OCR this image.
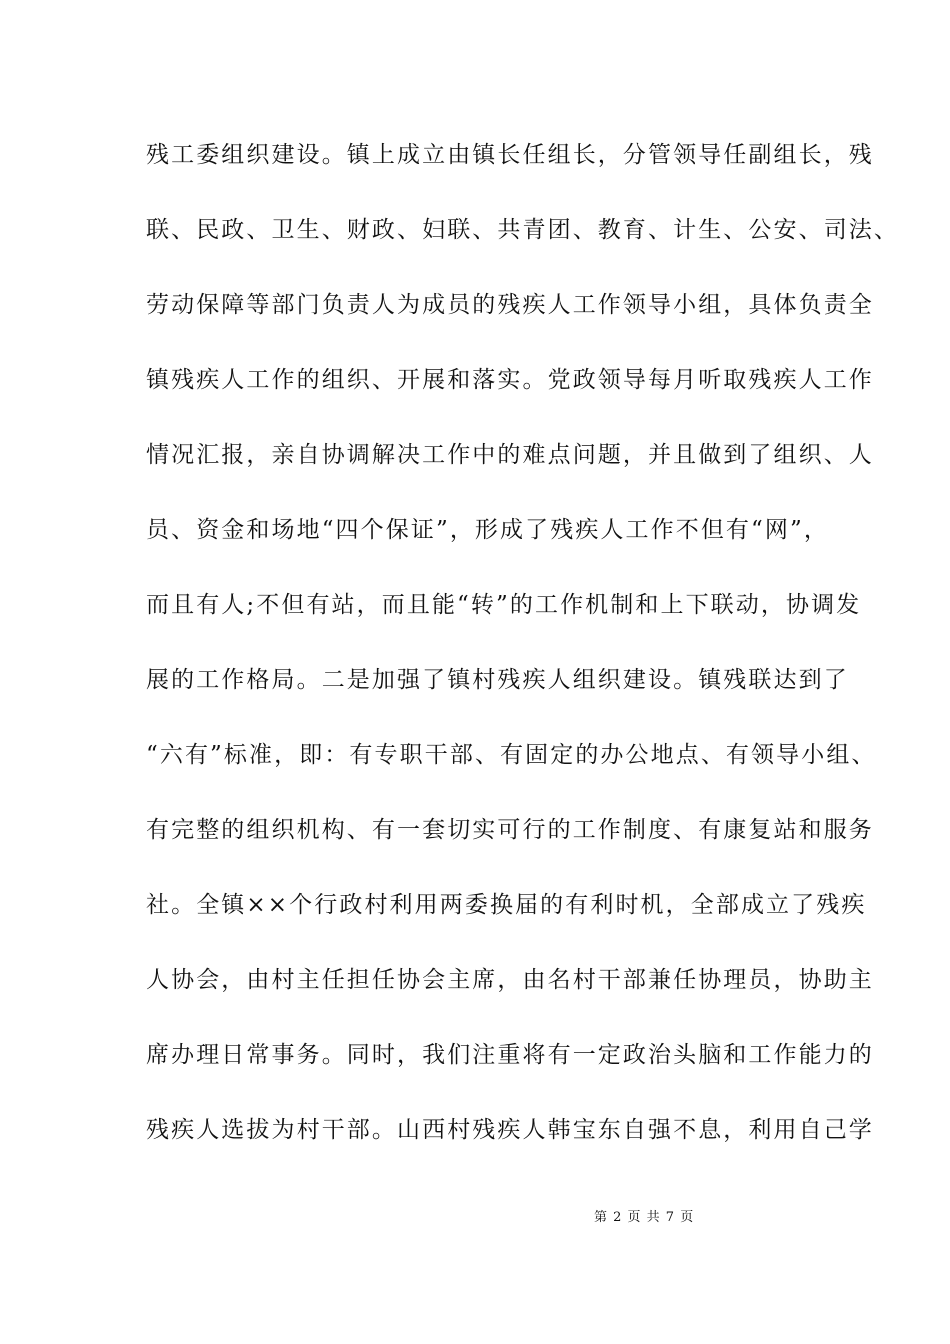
残工委组织建设。镇上成立由镇长任组长，分管领导任副组长，残
联、民政、卫生、财政、妇联、共青团、教育、计生、公安、司法、
劳动保障等部门负责人为成员的残疾人工作领导小组，具体负责全
镇残疾人工作的组织、开展和落实。党政领导每月听取残疾人工作
情况汇报，亲自协调解决工作中的难点问题，并且做到了组织、人
员、资金和场地“四个保证”，形成了残疾人工作不但有“网”，
而且有人;不但有站，而且能“转”的工作机制和上下联动，协调发
展的工作格局。二是加强了镇村残疾人组织建设。镇残联达到了
“六有”标准，即：有专职干部、有固定的办公地点、有领导小组、
有完整的组织机构、有一套切实可行的工作制度、有康复站和服务
社。全镇××个行政村利用两委换届的有利时机，全部成立了残疾
人协会，由村主任担任协会主席，由名村干部兼任协理员，协助主
席办理日常事务。同时，我们注重将有一定政治头脑和工作能力的
残疾人选拔为村干部。山西村残疾人韩宝东自强不息，利用自己学
第 2 页 共 7 页
